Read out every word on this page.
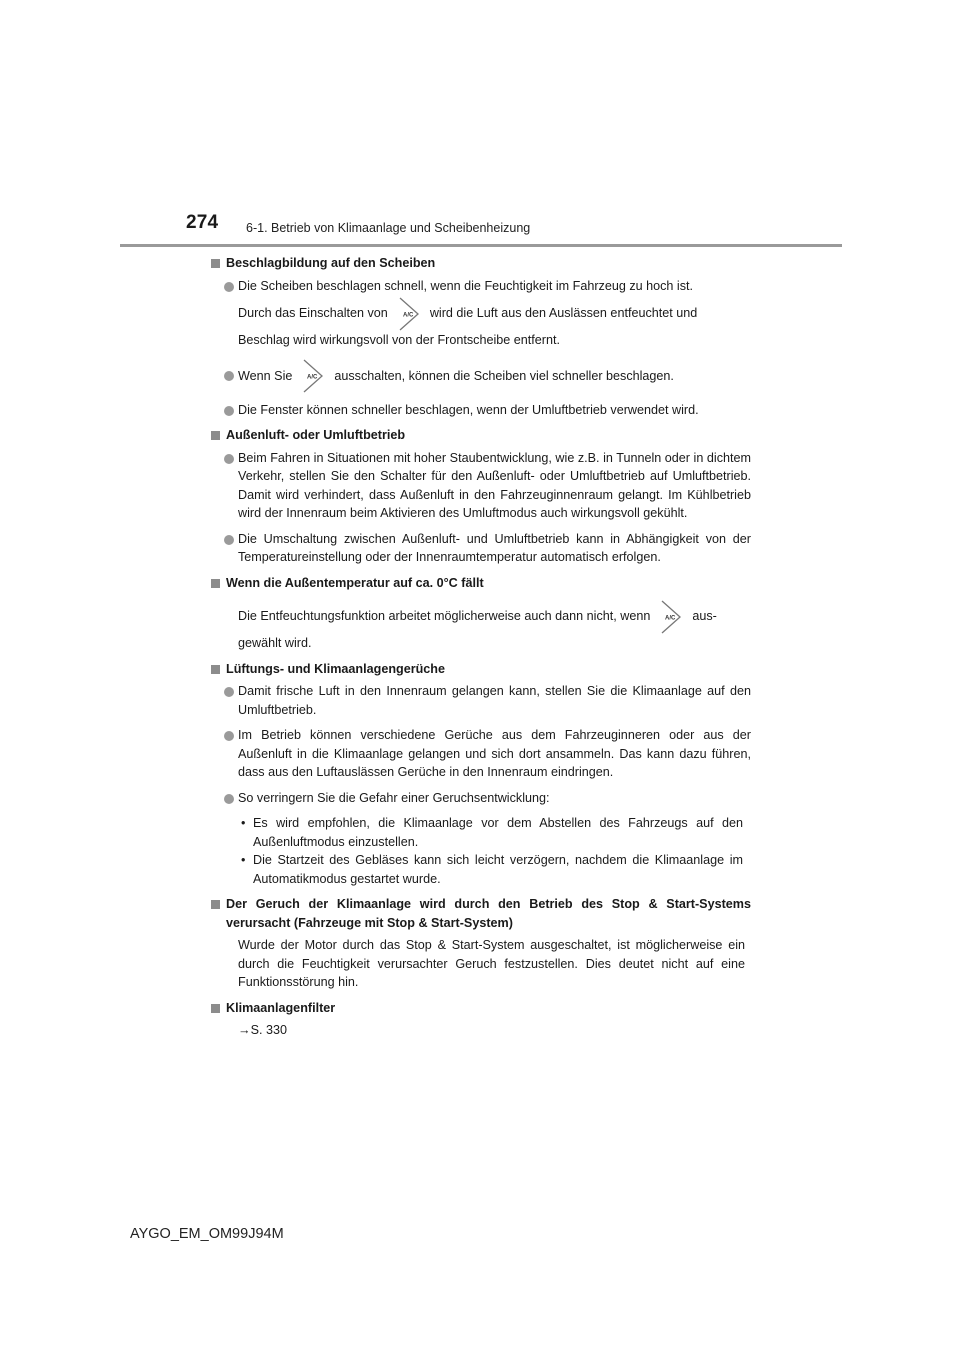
274 6-1. Betrieb von Klimaanlage und Scheibenheizung
Beschlagbildung auf den Scheiben
Die Scheiben beschlagen schnell, wenn die Feuchtigkeit im Fahrzeug zu hoch ist.
Durch das Einschalten von	A/C wird die Luft aus den Auslässen entfeuchtet und
Beschlag wird wirkungsvoll von der Frontscheibe entfernt.
Wenn Sie	A/C ausschalten, können die Scheiben viel schneller beschlagen.
Die Fenster können schneller beschlagen, wenn der Umluftbetrieb verwendet wird.
Außenluft- oder Umluftbetrieb
Beim Fahren in Situationen mit hoher Staubentwicklung, wie z.B. in Tunneln oder in dichtem Verkehr, stellen Sie den Schalter für den Außenluft- oder Umluftbetrieb auf Umluftbetrieb. Damit wird verhindert, dass Außenluft in den Fahrzeuginnenraum gelangt. Im Kühlbetrieb wird der Innenraum beim Aktivieren des Umluftmodus auch wirkungsvoll gekühlt.
Die Umschaltung zwischen Außenluft- und Umluftbetrieb kann in Abhängigkeit von der Temperatureinstellung oder der Innenraumtemperatur automatisch erfolgen.
Wenn die Außentemperatur auf ca. 0°C fällt
Die Entfeuchtungsfunktion arbeitet möglicherweise auch dann nicht, wenn	A/C aus-
gewählt wird.
Lüftungs- und Klimaanlagengerüche
Damit frische Luft in den Innenraum gelangen kann, stellen Sie die Klimaanlage auf den Umluftbetrieb.
Im Betrieb können verschiedene Gerüche aus dem Fahrzeuginneren oder aus der Außenluft in die Klimaanlage gelangen und sich dort ansammeln. Das kann dazu führen, dass aus den Luftauslässen Gerüche in den Innenraum eindringen.
So verringern Sie die Gefahr einer Geruchsentwicklung:
• Es wird empfohlen, die Klimaanlage vor dem Abstellen des Fahrzeugs auf den Außenluftmodus einzustellen.
• Die Startzeit des Gebläses kann sich leicht verzögern, nachdem die Klimaanlage im Automatikmodus gestartet wurde.
Der Geruch der Klimaanlage wird durch den Betrieb des Stop & Start-Systems verursacht (Fahrzeuge mit Stop & Start-System)
Wurde der Motor durch das Stop & Start-System ausgeschaltet, ist möglicherweise ein durch die Feuchtigkeit verursachter Geruch festzustellen. Dies deutet nicht auf eine Funktionsstörung hin.
Klimaanlagenfilter
→S. 330
AYGO_EM_OM99J94M
